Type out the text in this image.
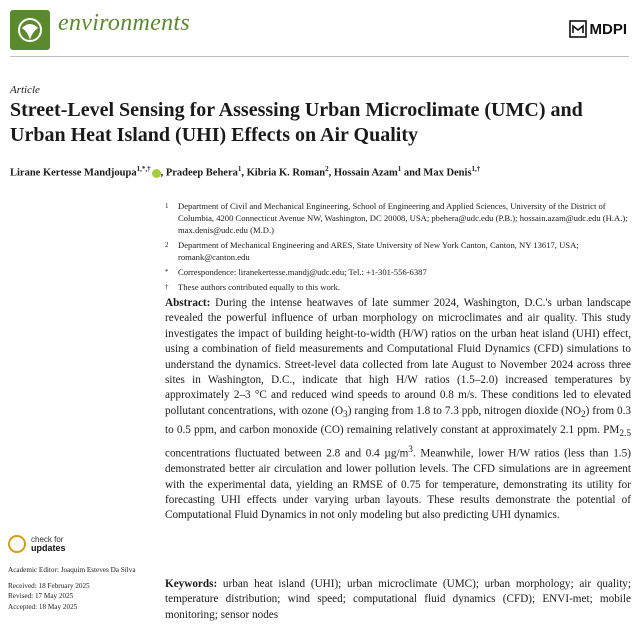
environments	MDPI
Article
Street-Level Sensing for Assessing Urban Microclimate (UMC) and Urban Heat Island (UHI) Effects on Air Quality
Lirane Kertesse Mandjoupa$^{1,*,\dagger}$ , Pradeep Behera$^1$, Kibria K. Roman$^2$, Hossain Azam$^1$ and Max Denis$^{1,\dagger}$
1	Department of Civil and Mechanical Engineering, School of Engineering and Applied Sciences, University of the District of Columbia, 4200 Connecticut Avenue NW, Washington, DC 20008, USA; pbehera@udc.edu (P.B.); hossain.azam@udc.edu (H.A.); max.denis@udc.edu (M.D.)
2	Department of Mechanical Engineering and ARES, State University of New York Canton, Canton, NY 13617, USA; romank@canton.edu
*	Correspondence: liranekertesse.mandj@udc.edu; Tel.: +1-301-556-6387
†	These authors contributed equally to this work.

Abstract: During the intense heatwaves of late summer 2024, Washington, D.C.'s urban landscape revealed the powerful influence of urban morphology on microclimates and air quality. This study investigates the impact of building height-to-width (H/W) ratios on the urban heat island (UHI) effect, using a combination of field measurements and Computational Fluid Dynamics (CFD) simulations to understand the dynamics. Street-level data collected from late August to November 2024 across three sites in Washington, D.C., indicate that high H/W ratios (1.5–2.0) increased temperatures by approximately 2–3 °C and reduced wind speeds to around 0.8 m/s. These conditions led to elevated pollutant concentrations, with ozone $(O_3)$ ranging from 1.8 to 7.3 ppb, nitrogen dioxide $(NO_2)$ from 0.3 to 0.5 ppm, and carbon monoxide (CO) remaining relatively constant at approximately 2.1 ppm. $PM_{2.5}$ concentrations fluctuated between 2.8 and 0.4 $\mu g/m^3$. Meanwhile, lower H/W ratios (less than 1.5) demonstrated better air circulation and lower pollution levels. The CFD simulations are in agreement with the experimental data, yielding an RMSE of 0.75 for temperature, demonstrating its utility for forecasting UHI effects under varying urban layouts. These results demonstrate the potential of Computational Fluid Dynamics in not only modeling but also predicting UHI dynamics.

Keywords: urban heat island (UHI); urban microclimate (UMC); urban morphology; air quality; temperature distribution; wind speed; computational fluid dynamics (CFD); ENVI-met; mobile monitoring; sensor nodes

check for
updates
Academic Editor: Joaquim Esteves Da Silva
Received: 18 February 2025
Revised: 17 May 2025
Accepted: 18 May 2025
